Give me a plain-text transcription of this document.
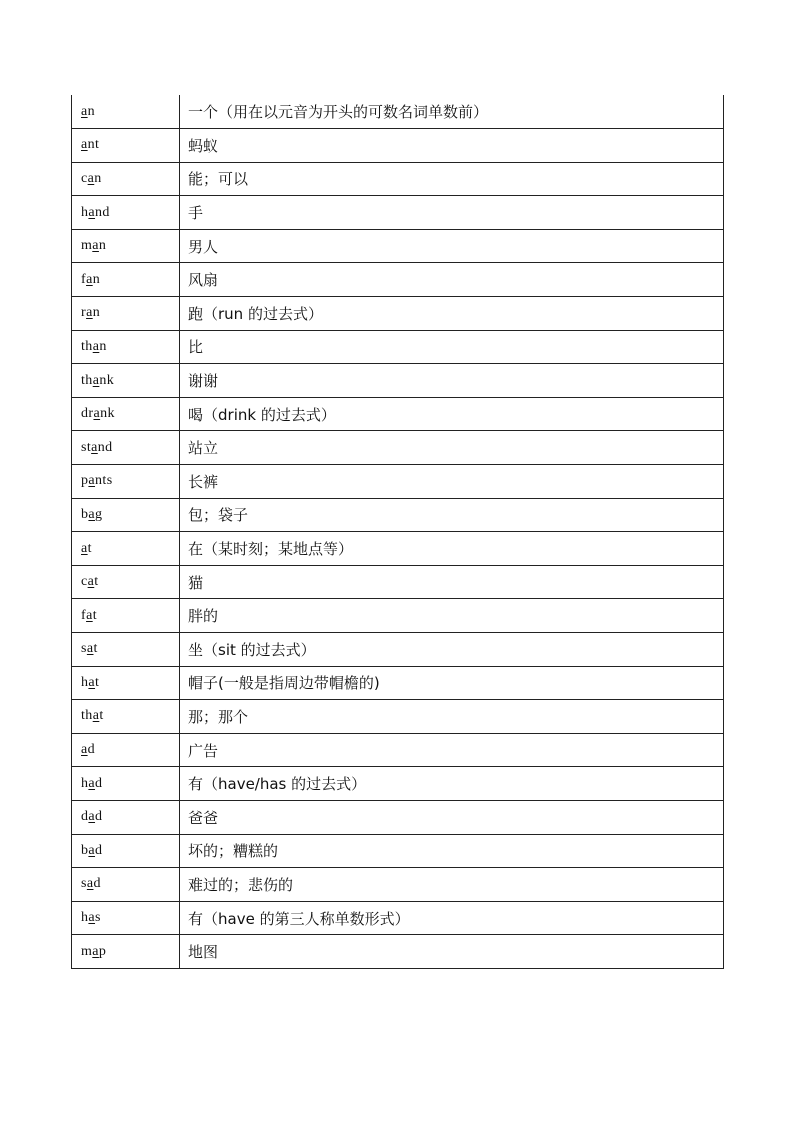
an	一个（用在以元音为开头的可数名词单数前）
ant	蚂蚁
can	能；可以
hand	手
man	男人
fan	风扇
ran	跑（run 的过去式）
than	比
thank	谢谢
drank	喝（drink 的过去式）
stand	站立
pants	长裤
bag	包；袋子
at	在（某时刻；某地点等）
cat	猫
fat	胖的
sat	坐（sit 的过去式）
hat	帽子(一般是指周边带帽檐的)
that	那；那个
ad	广告
had	有（have/has 的过去式）
dad	爸爸
bad	坏的；糟糕的
sad	难过的；悲伤的
has	有（have 的第三人称单数形式）
map	地图
